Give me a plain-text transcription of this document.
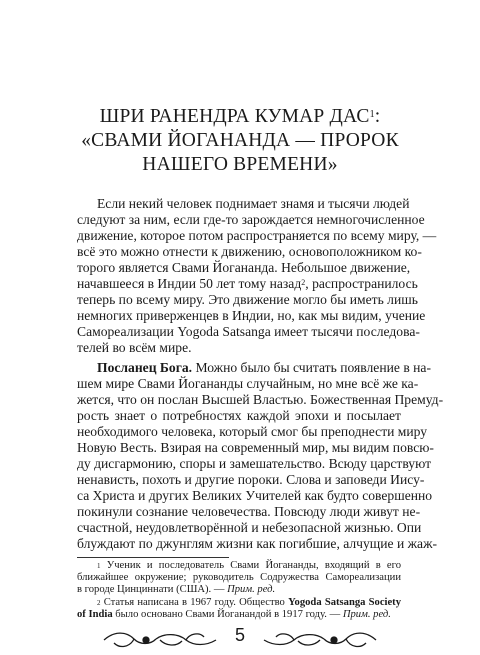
ШРИ РАНЕНДРА КУМАР ДАС$^1$:
«СВАМИ ЙОГАНАНДА — ПРОРОК
НАШЕГО ВРЕМЕНИ»
Если некий человек поднимает знамя и тысячи людей
следуют за ним, если где-то зарождается немногочисленное
движение, которое потом распространяется по всему миру, —
всё это можно отнести к движению, основоположником ко-
торого является Свами Йогананда. Небольшое движение,
начавшееся в Индии 50 лет тому назад$^2$, распространилось
теперь по всему миру. Это движение могло бы иметь лишь
немногих приверженцев в Индии, но, как мы видим, учение
Самореализации Yogoda Satsanga имеет тысячи последова-
телей во всём мире.
Посланец Бога. Можно было бы считать появление в на-
шем мире Свами Йогананды случайным, но мне всё же ка-
жется, что он послан Высшей Властью. Божественная Премуд-
рость знает о потребностях каждой эпохи и посылает
необходимого человека, который смог бы преподнести миру
Новую Весть. Взирая на современный мир, мы видим повсю-
ду дисгармонию, споры и замешательство. Всюду царствуют
ненависть, похоть и другие пороки. Слова и заповеди Иису-
са Христа и других Великих Учителей как будто совершенно
покинули сознание человечества. Повсюду люди живут не-
счастной, неудовлетворённой и небезопасной жизнью. Опи
блуждают по джунглям жизни как погибшие, алчущие и жаж-
$^1$ Ученик и последователь Свами Йогананды, входящий в его
ближайшее окружение; руководитель Содружества Самореализации
в городе Цинциннати (США). — Прим. ред.
$^2$ Статья написана в 1967 году. Общество Yogoda Satsanga Society
of India было основано Свами Йоганандой в 1917 году. — Прим. ред.
5
